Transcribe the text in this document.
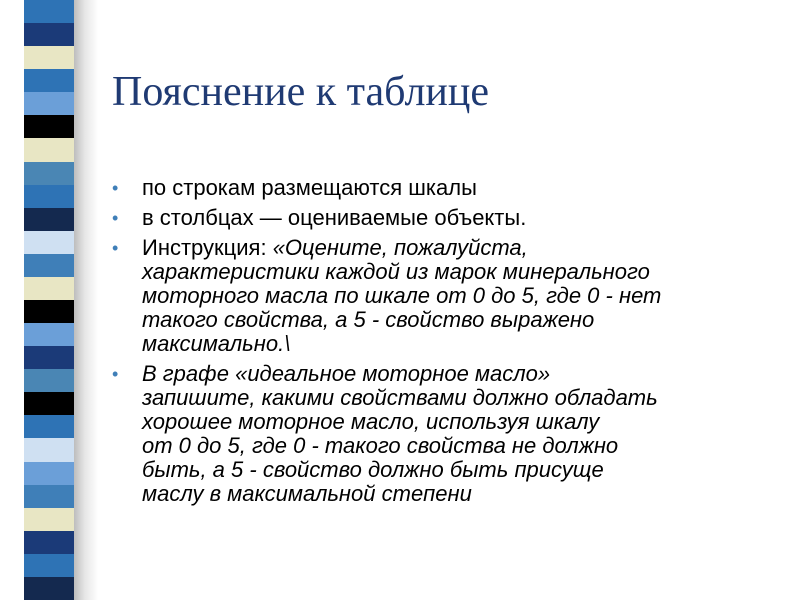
Пояснение к таблице
• по строкам размещаются шкалы
• в столбцах — оцениваемые объекты.
• Инструкция: «Оцените, пожалуйста,
характеристики каждой из марок минерального
моторного масла по шкале от 0 до 5, где 0 - нет
такого свойства, а 5 - свойство выражено
максимально.\
• В графе «идеальное моторное масло»
запишите, какими свойствами должно обладать
хорошее моторное масло, используя шкалу
от 0 до 5, где 0 - такого свойства не должно
быть, а 5 - свойство должно быть присуще
маслу в максимальной степени
